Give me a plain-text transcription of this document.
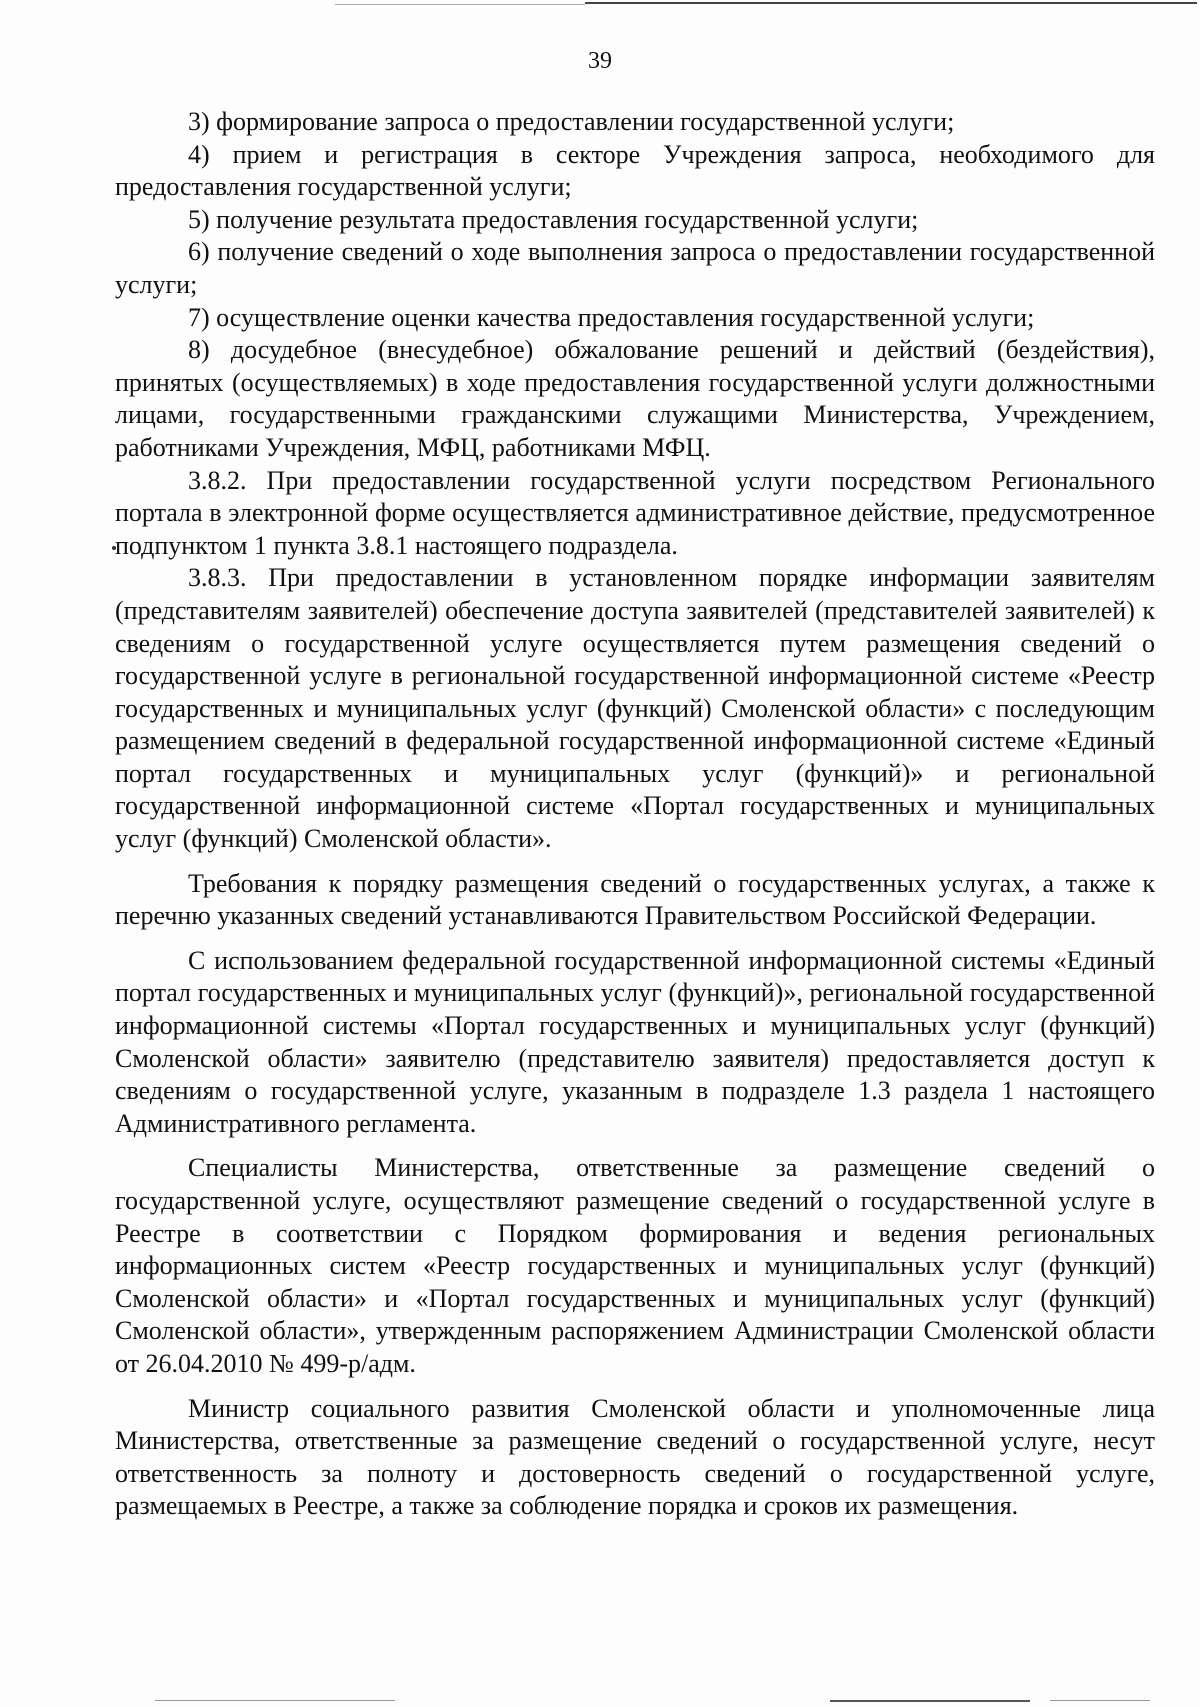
39

3) формирование запроса о предоставлении государственной услуги;

4) прием и регистрация в секторе Учреждения запроса, необходимого для предоставления государственной услуги;

5) получение результата предоставления государственной услуги;

6) получение сведений о ходе выполнения запроса о предоставлении государственной услуги;

7) осуществление оценки качества предоставления государственной услуги;

8) досудебное (внесудебное) обжалование решений и действий (бездействия), принятых (осуществляемых) в ходе предоставления государственной услуги должностными лицами, государственными гражданскими служащими Министерства, Учреждением, работниками Учреждения, МФЦ, работниками МФЦ.

3.8.2. При предоставлении государственной услуги посредством Регионального портала в электронной форме осуществляется административное действие, предусмотренное подпунктом 1 пункта 3.8.1 настоящего подраздела.

3.8.3. При предоставлении в установленном порядке информации заявителям (представителям заявителей) обеспечение доступа заявителей (представителей заявителей) к сведениям о государственной услуге осуществляется путем размещения сведений о государственной услуге в региональной государственной информационной системе «Реестр государственных и муниципальных услуг (функций) Смоленской области» с последующим размещением сведений в федеральной государственной информационной системе «Единый портал государственных и муниципальных услуг (функций)» и региональной государственной информационной системе «Портал государственных и муниципальных услуг (функций) Смоленской области».

Требования к порядку размещения сведений о государственных услугах, а также к перечню указанных сведений устанавливаются Правительством Российской Федерации.

С использованием федеральной государственной информационной системы «Единый портал государственных и муниципальных услуг (функций)», региональной государственной информационной системы «Портал государственных и муниципальных услуг (функций) Смоленской области» заявителю (представителю заявителя) предоставляется доступ к сведениям о государственной услуге, указанным в подразделе 1.3 раздела 1 настоящего Административного регламента.

Специалисты Министерства, ответственные за размещение сведений о государственной услуге, осуществляют размещение сведений о государственной услуге в Реестре в соответствии с Порядком формирования и ведения региональных информационных систем «Реестр государственных и муниципальных услуг (функций) Смоленской области» и «Портал государственных и муниципальных услуг (функций) Смоленской области», утвержденным распоряжением Администрации Смоленской области от 26.04.2010 № 499-р/адм.

Министр социального развития Смоленской области и уполномоченные лица Министерства, ответственные за размещение сведений о государственной услуге, несут ответственность за полноту и достоверность сведений о государственной услуге, размещаемых в Реестре, а также за соблюдение порядка и сроков их размещения.
